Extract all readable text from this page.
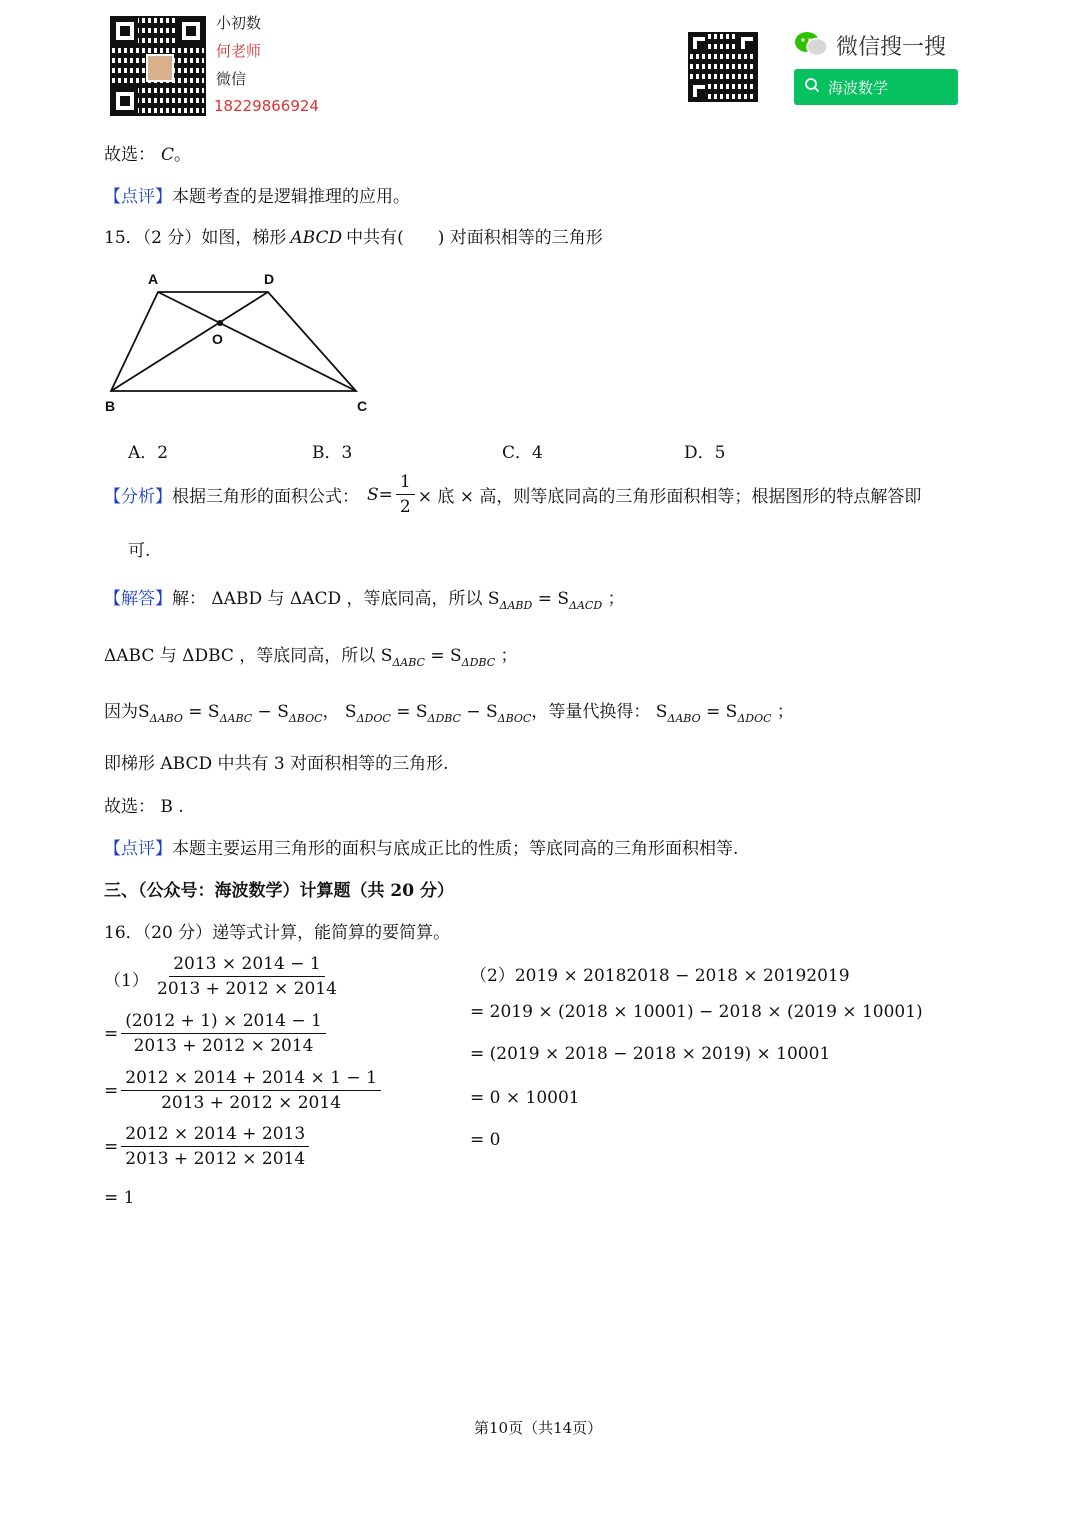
小初数
何老师
微信
18229866924
微信搜一搜
海波数学
故选： C。
【点评】本题考查的是逻辑推理的应用。
15．（2 分）如图，梯形 ABCD 中共有(　　) 对面积相等的三角形
A	D
O
B	C
A．2	B．3	C．4	D．5
【分析】 根据三角形的面积公式： $S = \frac{1}{2}$ × 底 × 高，则等底同高的三角形面积相等；根据图形的特点解答即
可.
【解答】解： ΔABD 与 ΔACD ，等底同高，所以 $S_{\Delta ABD} = S_{\Delta ACD}$ ；
ΔABC 与 ΔDBC ，等底同高，所以 $S_{\Delta ABC} = S_{\Delta DBC}$ ；
因为$S_{\Delta ABO} = S_{\Delta ABC} - S_{\Delta BOC}$， $S_{\Delta DOC} = S_{\Delta DBC} - S_{\Delta BOC}$，等量代换得： $S_{\Delta ABO} = S_{\Delta DOC}$ ；
即梯形 ABCD 中共有 3 对面积相等的三角形.
故选： B .
【点评】本题主要运用三角形的面积与底成正比的性质；等底同高的三角形面积相等.
三、（公众号：海波数学）计算题（共 20 分）
16．（20 分）递等式计算，能简算的要简算。
$(1) \frac{2013 \times 2014 - 1}{2013 + 2012 \times 2014}$
= $\frac{(2012 + 1) \times 2014 - 1}{2013 + 2012 \times 2014}$
= $\frac{2012 \times 2014 + 2014 \times 1 - 1}{2013 + 2012 \times 2014}$
= $\frac{2012 \times 2014 + 2013}{2013 + 2012 \times 2014}$
= 1
（2）2019 × 20182018 − 2018 × 20192019
= 2019 × (2018 × 10001) − 2018 × (2019 × 10001)
= (2019 × 2018 − 2018 × 2019) × 10001
= 0 × 10001
= 0
第10页（共14页）
